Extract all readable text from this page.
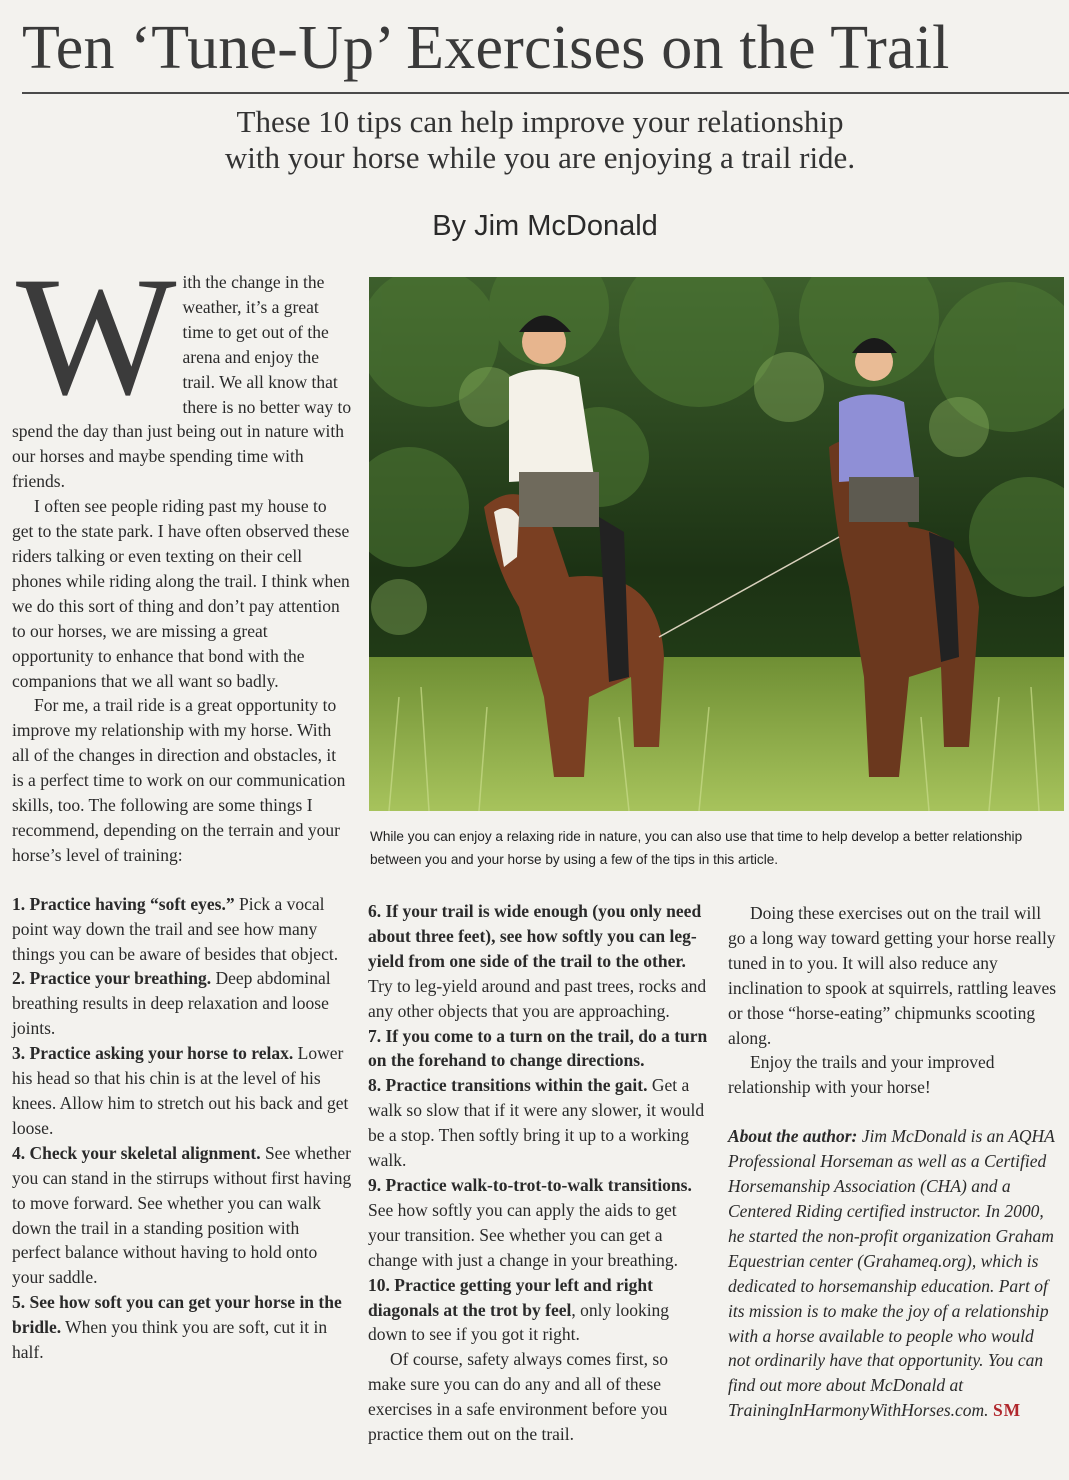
Ten ‘Tune-Up’ Exercises on the Trail
These 10 tips can help improve your relationship
with your horse while you are enjoying a trail ride.
By Jim McDonald

With the change in the weather, it’s a great time to get out of the arena and enjoy the trail. We all know that there is no better way to spend the day than just being out in nature with our horses and maybe spending time with friends.

I often see people riding past my house to get to the state park. I have often observed these riders talking or even texting on their cell phones while riding along the trail. I think when we do this sort of thing and don’t pay attention to our horses, we are missing a great opportunity to enhance that bond with the companions that we all want so badly.

For me, a trail ride is a great opportunity to improve my relationship with my horse. With all of the changes in direction and obstacles, it is a perfect time to work on our communication skills, too. The following are some things I recommend, depending on the terrain and your horse’s level of training:

1. Practice having “soft eyes.” Pick a vocal point way down the trail and see how many things you can be aware of besides that object.

2. Practice your breathing. Deep abdominal breathing results in deep relaxation and loose joints.

3. Practice asking your horse to relax. Lower his head so that his chin is at the level of his knees. Allow him to stretch out his back and get loose.

4. Check your skeletal alignment. See whether you can stand in the stirrups without first having to move forward. See whether you can walk down the trail in a standing position with perfect balance without having to hold onto your saddle.

5. See how soft you can get your horse in the bridle. When you think you are soft, cut it in half.

While you can enjoy a relaxing ride in nature, you can also use that time to help develop a better relationship between you and your horse by using a few of the tips in this article.

6. If your trail is wide enough (you only need about three feet), see how softly you can leg-yield from one side of the trail to the other. Try to leg-yield around and past trees, rocks and any other objects that you are approaching.

7. If you come to a turn on the trail, do a turn on the forehand to change directions.

8. Practice transitions within the gait. Get a walk so slow that if it were any slower, it would be a stop. Then softly bring it up to a working walk.

9. Practice walk-to-trot-to-walk transitions. See how softly you can apply the aids to get your transition. See whether you can get a change with just a change in your breathing.

10. Practice getting your left and right diagonals at the trot by feel, only looking down to see if you got it right.

Of course, safety always comes first, so make sure you can do any and all of these exercises in a safe environment before you practice them out on the trail.

Doing these exercises out on the trail will go a long way toward getting your horse really tuned in to you. It will also reduce any inclination to spook at squirrels, rattling leaves or those “horse-eating” chipmunks scooting along.

Enjoy the trails and your improved relationship with your horse!

About the author: Jim McDonald is an AQHA Professional Horseman as well as a Certified Horsemanship Association (CHA) and a Centered Riding certified instructor. In 2000, he started the non-profit organization Graham Equestrian center (Grahameq.org), which is dedicated to horsemanship education. Part of its mission is to make the joy of a relationship with a horse available to people who would not ordinarily have that opportunity. You can find out more about McDonald at TrainingInHarmonyWithHorses.com. SM
